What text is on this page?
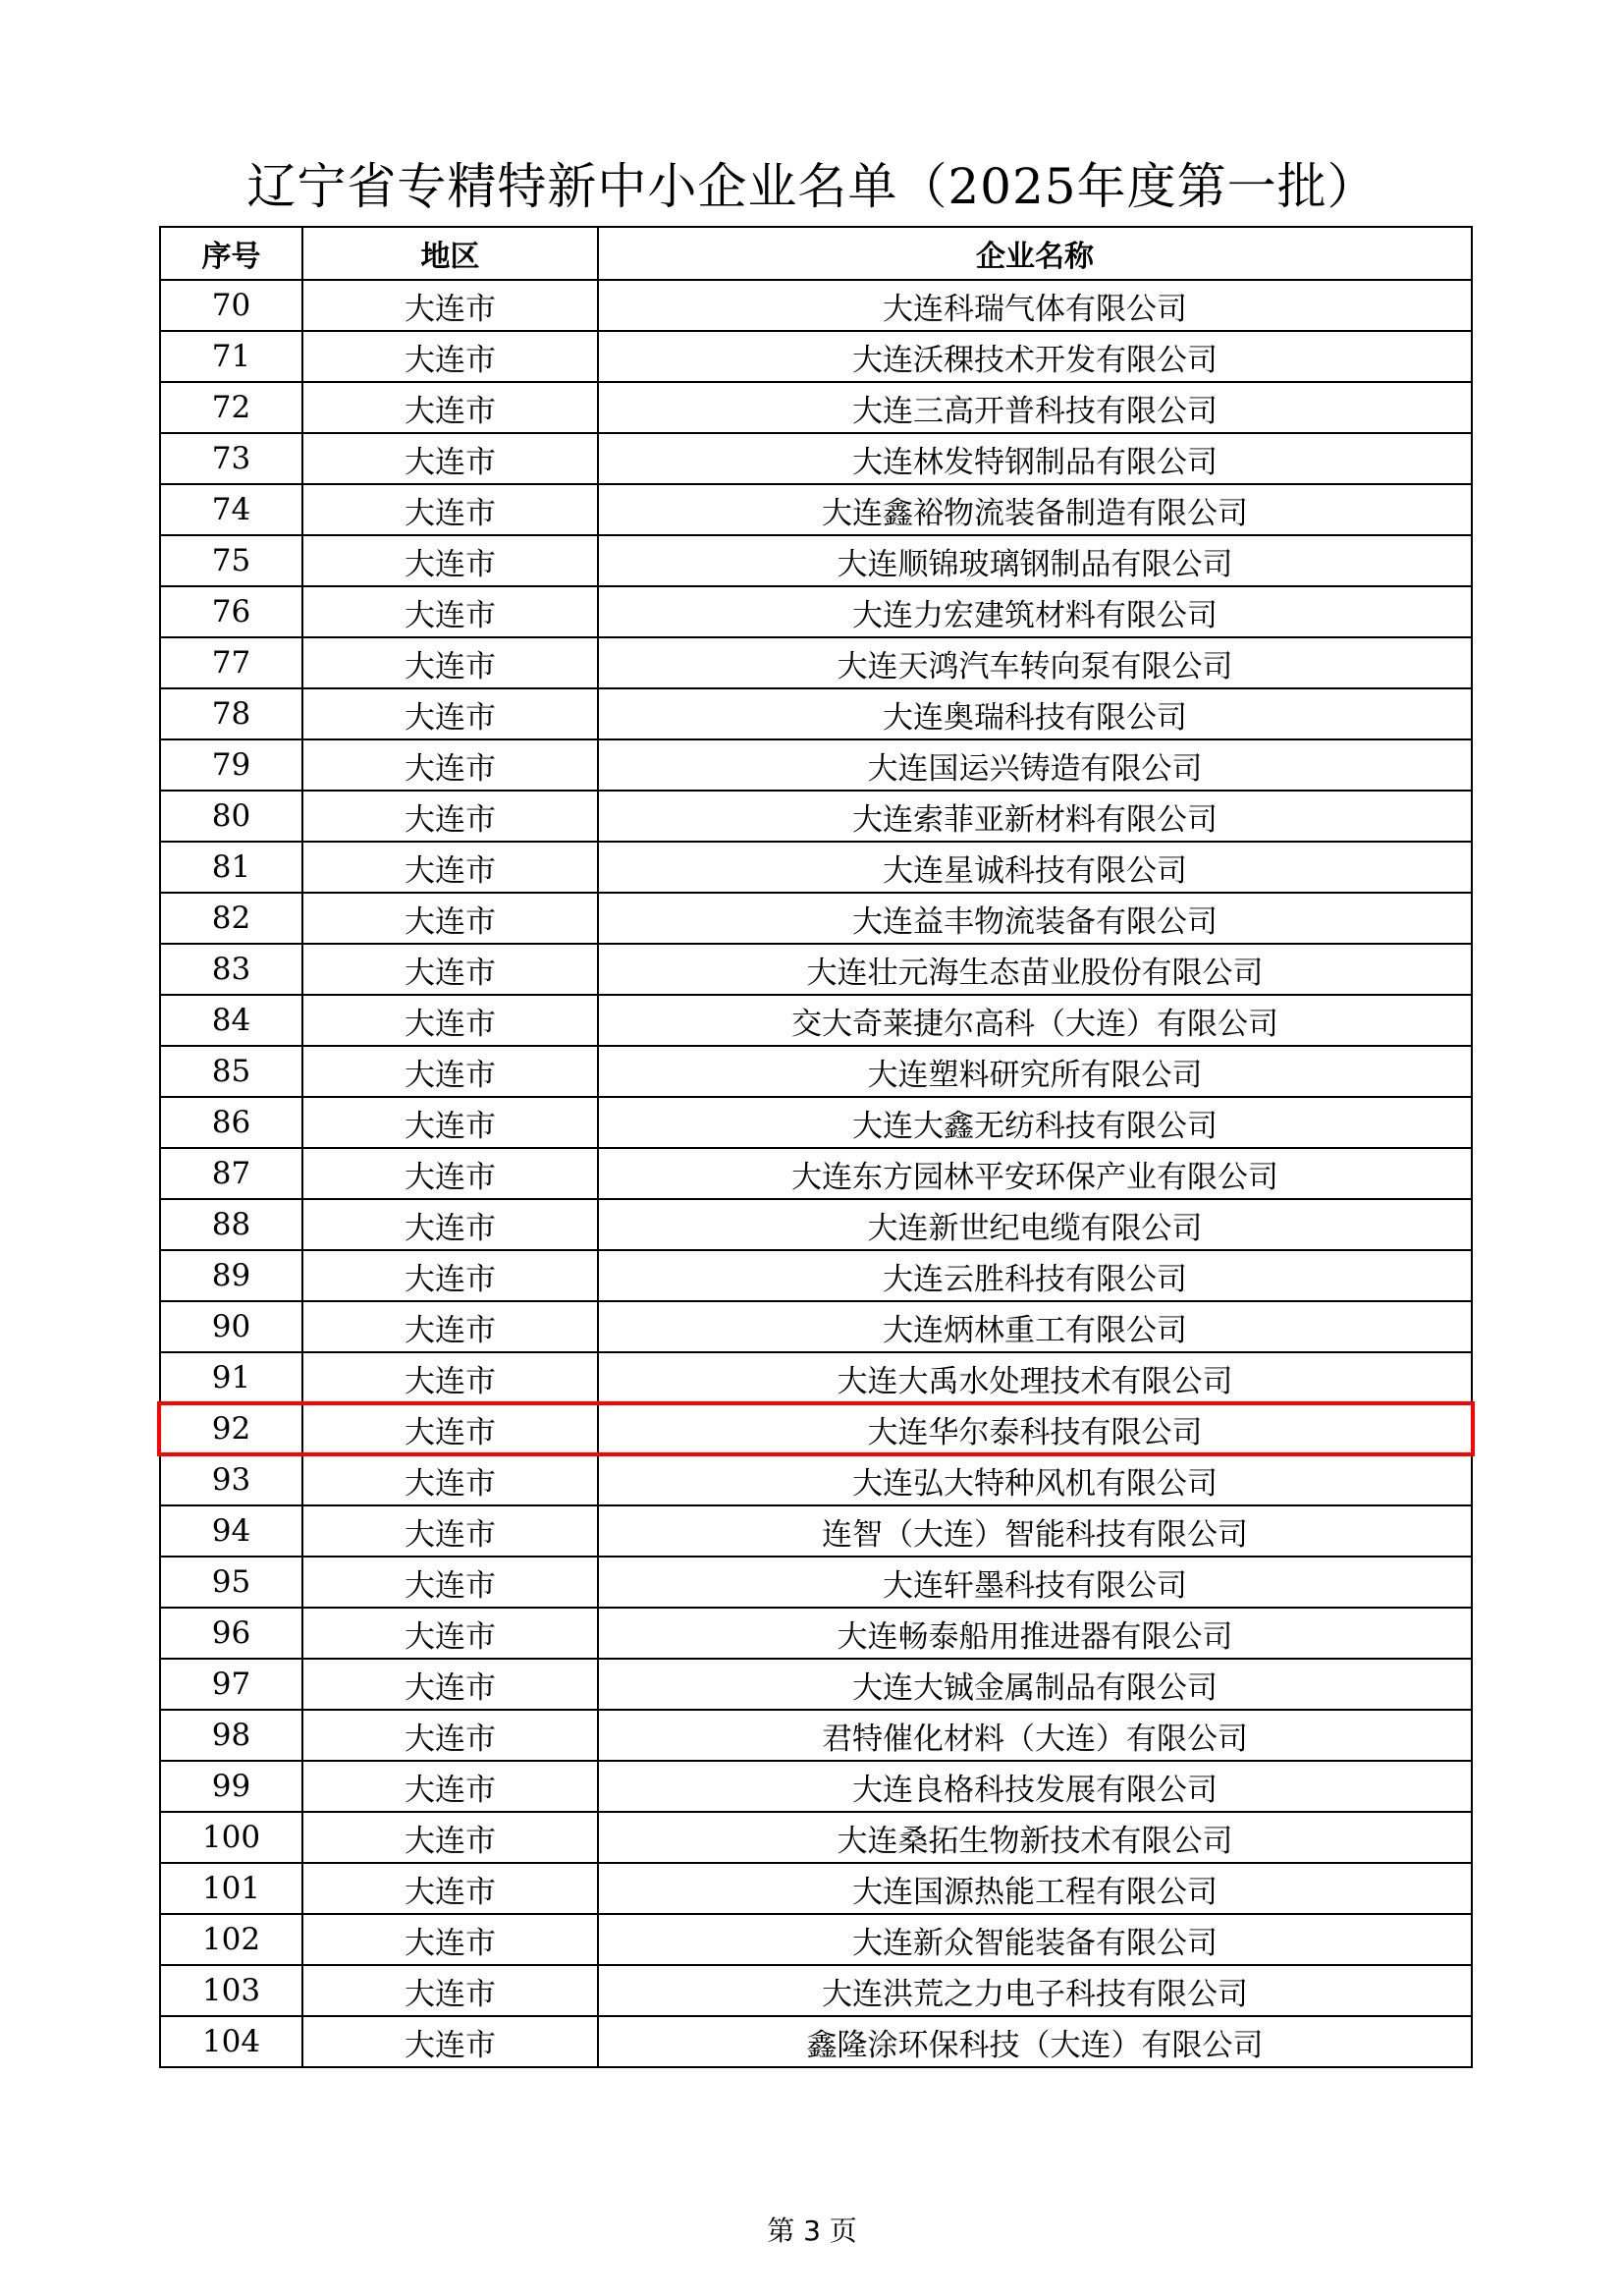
辽宁省专精特新中小企业名单（2025年度第一批）
序号	地区	企业名称
70	大连市	大连科瑞气体有限公司
71	大连市	大连沃稞技术开发有限公司
72	大连市	大连三高开普科技有限公司
73	大连市	大连林发特钢制品有限公司
74	大连市	大连鑫裕物流装备制造有限公司
75	大连市	大连顺锦玻璃钢制品有限公司
76	大连市	大连力宏建筑材料有限公司
77	大连市	大连天鸿汽车转向泵有限公司
78	大连市	大连奥瑞科技有限公司
79	大连市	大连国运兴铸造有限公司
80	大连市	大连索菲亚新材料有限公司
81	大连市	大连星诚科技有限公司
82	大连市	大连益丰物流装备有限公司
83	大连市	大连壮元海生态苗业股份有限公司
84	大连市	交大奇莱捷尔高科（大连）有限公司
85	大连市	大连塑料研究所有限公司
86	大连市	大连大鑫无纺科技有限公司
87	大连市	大连东方园林平安环保产业有限公司
88	大连市	大连新世纪电缆有限公司
89	大连市	大连云胜科技有限公司
90	大连市	大连炳林重工有限公司
91	大连市	大连大禹水处理技术有限公司
92	大连市	大连华尔泰科技有限公司
93	大连市	大连弘大特种风机有限公司
94	大连市	连智（大连）智能科技有限公司
95	大连市	大连轩墨科技有限公司
96	大连市	大连畅泰船用推进器有限公司
97	大连市	大连大铖金属制品有限公司
98	大连市	君特催化材料（大连）有限公司
99	大连市	大连良格科技发展有限公司
100	大连市	大连桑拓生物新技术有限公司
101	大连市	大连国源热能工程有限公司
102	大连市	大连新众智能装备有限公司
103	大连市	大连洪荒之力电子科技有限公司
104	大连市	鑫隆涂环保科技（大连）有限公司
第 3 页
